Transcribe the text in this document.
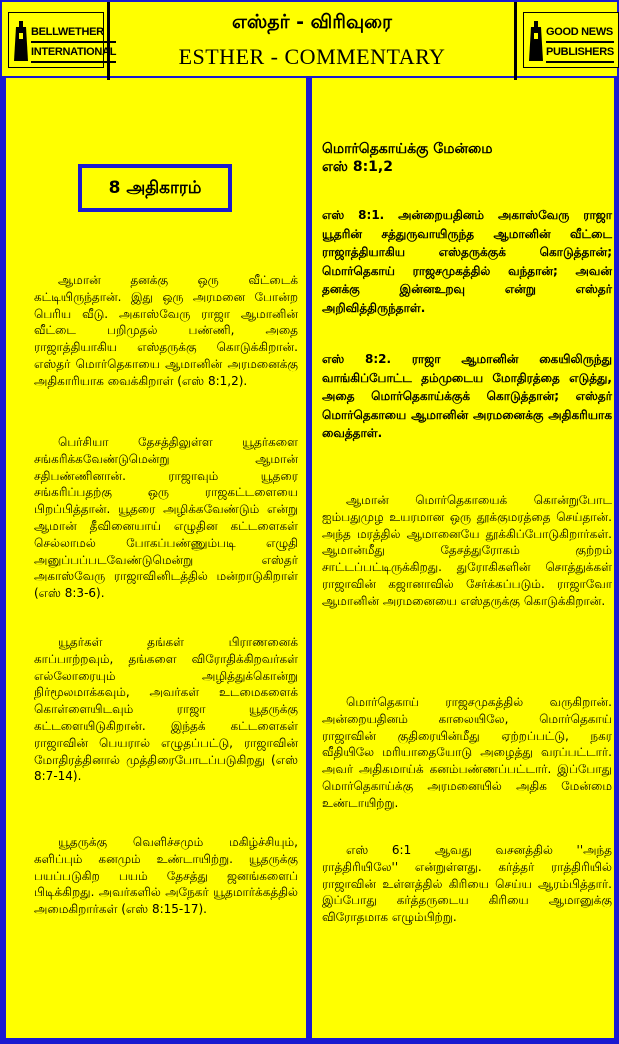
BELLWETHER
INTERNATIONAL
எஸ்தர் - விரிவுரை
ESTHER - COMMENTARY
GOOD NEWS
PUBLISHERS
8 அதிகாரம்

ஆமான் தனக்கு ஒரு வீட்டைக் கட்டியிருந்தான். இது ஒரு அரமனை போன்ற பெரிய வீடு. அகாஸ்வேரு ராஜா ஆமானின் வீட்டை பறிமுதல் பண்ணி, அதை ராஜாத்தியாகிய எஸ்தருக்கு கொடுக்கிறான். எஸ்தர் மொர்தெகாயை ஆமானின் அரமனைக்கு அதிகாரியாக வைக்கிறாள் (எஸ் 8:1,2).

பெர்சியா தேசத்திலுள்ள யூதர்களை சங்கரிக்கவேண்டுமென்று ஆமான் சதிபண்ணினான். ராஜாவும் யூதரை சங்கரிப்பதற்கு ஒரு ராஜகட்டளையை பிறப்பித்தான். யூதரை அழிக்கவேண்டும் என்று ஆமான் தீவினையாய் எழுதின கட்டளைகள் செல்லாமல் போகப்பண்ணும்படி எழுதி அனுப்பப்படவேண்டுமென்று எஸ்தர் அகாஸ்வேரு ராஜாவினிடத்தில் மன்றாடுகிறாள் (எஸ் 8:3-6).

யூதர்கள் தங்கள் பிராணனைக் காப்பாற்றவும், தங்களை விரோதிக்கிறவர்கள் எல்லோரையும் அழித்துக்கொன்று நிர்மூலமாக்கவும், அவர்கள் உடமைகளைக் கொள்ளையிடவும் ராஜா யூதருக்கு கட்டளையிடுகிறான். இந்தக் கட்டளைகள் ராஜாவின் பெயரால் எழுதப்பட்டு, ராஜாவின் மோதிரத்தினால் முத்திரைபோடப்படுகிறது (எஸ் 8:7-14).

யூதருக்கு வெளிச்சமும் மகிழ்ச்சியும், களிப்பும் கனமும் உண்டாயிற்று. யூதருக்கு பயப்படுகிற பயம் தேசத்து ஜனங்களைப் பிடிக்கிறது. அவர்களில் அநேகர் யூதமார்க்கத்தில் அமைகிறார்கள் (எஸ் 8:15-17).

மொர்தெகாய்க்கு மேன்மை
எஸ் 8:1,2

எஸ் 8:1. அன்றையதினம் அகாஸ்வேரு ராஜா யூதரின் சத்துருவாயிருந்த ஆமானின் வீட்டை ராஜாத்தியாகிய எஸ்தருக்குக் கொடுத்தான்; மொர்தெகாய் ராஜசமுகத்தில் வந்தான்; அவன் தனக்கு இன்னஉறவு என்று எஸ்தர் அறிவித்திருந்தாள்.

எஸ் 8:2. ராஜா ஆமானின் கையிலிருந்து வாங்கிப்போட்ட தம்முடைய மோதிரத்தை எடுத்து, அதை மொர்தெகாய்க்குக் கொடுத்தான்; எஸ்தர் மொர்தெகாயை ஆமானின் அரமனைக்கு அதிகரியாக வைத்தாள்.

ஆமான் மொர்தெகாயைக் கொன்றுபோட ஐம்பதுமுழ உயரமான ஒரு தூக்குமரத்தை செய்தான். அந்த மரத்தில் ஆமானையே தூக்கிப்போடுகிறார்கள். ஆமான்மீது தேசத்துரோகம் குற்றம் சாட்டப்பட்டிருக்கிறது. துரோகிகளின் சொத்துக்கள் ராஜாவின் கஜானாவில் சேர்க்கப்படும். ராஜாவோ ஆமானின் அரமனையை எஸ்தருக்கு கொடுக்கிறான்.

மொர்தெகாய் ராஜசமுகத்தில் வருகிறான். அன்றையதினம் காலையிலே, மொர்தெகாய் ராஜாவின் குதிரையின்மீது ஏற்றப்பட்டு, நகர வீதியிலே மரியாதையோடு அழைத்து வரப்பட்டார். அவர் அதிகமாய்க் கனம்பண்ணப்பட்டார். இப்போது மொர்தெகாய்க்கு அரமனையில் அதிக மேன்மை உண்டாயிற்று.

எஸ் 6:1 ஆவது வசனத்தில் ''அந்த ராத்திரியிலே'' என்றுள்ளது. கர்த்தர் ராத்திரியில் ராஜாவின் உள்ளத்தில் கிரியை செய்ய ஆரம்பித்தார். இப்போது கர்த்தருடைய கிரியை ஆமானுக்கு விரோதமாக எழும்பிற்று.
